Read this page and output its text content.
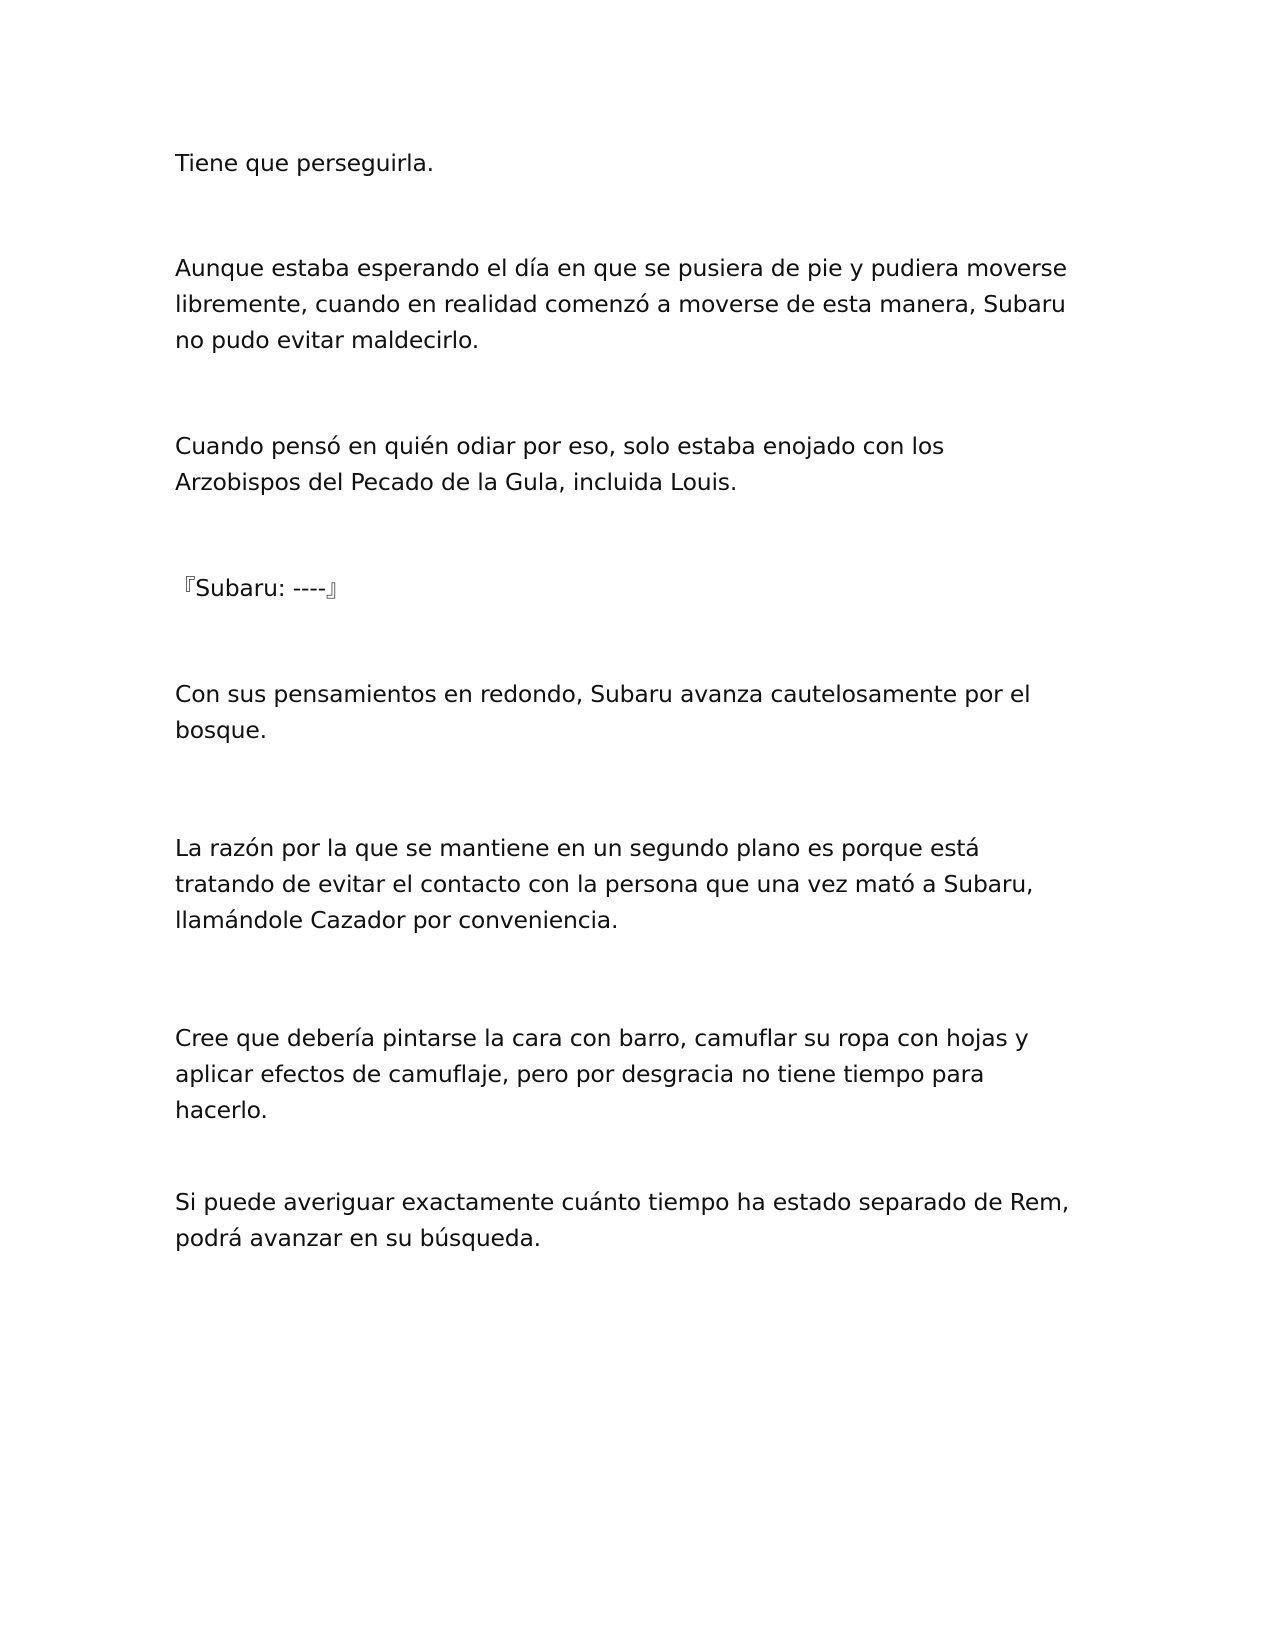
Tiene que perseguirla.

Aunque estaba esperando el día en que se pusiera de pie y pudiera moverse
libremente, cuando en realidad comenzó a moverse de esta manera, Subaru
no pudo evitar maldecirlo.

Cuando pensó en quién odiar por eso, solo estaba enojado con los
Arzobispos del Pecado de la Gula, incluida Louis.

『Subaru: ----』

Con sus pensamientos en redondo, Subaru avanza cautelosamente por el
bosque.

La razón por la que se mantiene en un segundo plano es porque está
tratando de evitar el contacto con la persona que una vez mató a Subaru,
llamándole Cazador por conveniencia.

Cree que debería pintarse la cara con barro, camuflar su ropa con hojas y
aplicar efectos de camuflaje, pero por desgracia no tiene tiempo para
hacerlo.

Si puede averiguar exactamente cuánto tiempo ha estado separado de Rem,
podrá avanzar en su búsqueda.
